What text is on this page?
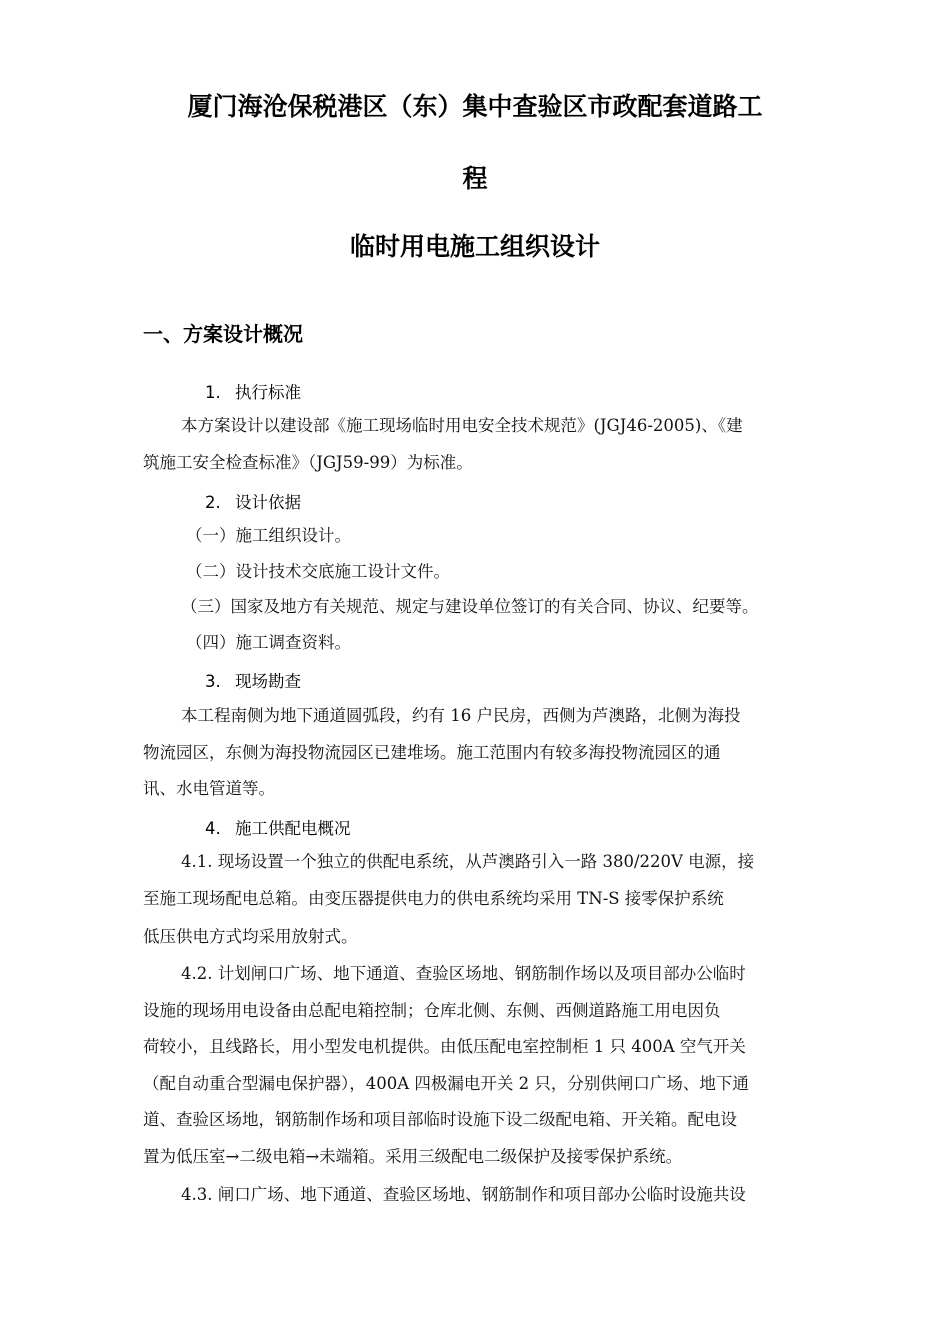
厦门海沧保税港区（东）集中查验区市政配套道路工
程
临时用电施工组织设计
一、方案设计概况
1. 执行标准
本方案设计以建设部《施工现场临时用电安全技术规范》(JGJ46-2005)、《建
筑施工安全检查标准》（JGJ59-99）为标准。
2. 设计依据
（一）施工组织设计。
（二）设计技术交底施工设计文件。
（三）国家及地方有关规范、规定与建设单位签订的有关合同、协议、纪要等。
（四）施工调查资料。
3. 现场勘查
本工程南侧为地下通道圆弧段，约有 16 户民房，西侧为芦澳路，北侧为海投
物流园区，东侧为海投物流园区已建堆场。施工范围内有较多海投物流园区的通
讯、水电管道等。
4. 施工供配电概况
4.1. 现场设置一个独立的供配电系统，从芦澳路引入一路 380/220V 电源，接
至施工现场配电总箱。由变压器提供电力的供电系统均采用 TN-S 接零保护系统
低压供电方式均采用放射式。
4.2. 计划闸口广场、地下通道、查验区场地、钢筋制作场以及项目部办公临时
设施的现场用电设备由总配电箱控制；仓库北侧、东侧、西侧道路施工用电因负
荷较小，且线路长，用小型发电机提供。由低压配电室控制柜 1 只 400A 空气开关
（配自动重合型漏电保护器），400A 四极漏电开关 2 只，分别供闸口广场、地下通
道、查验区场地，钢筋制作场和项目部临时设施下设二级配电箱、开关箱。配电设
置为低压室→二级电箱→未端箱。采用三级配电二级保护及接零保护系统。
4.3. 闸口广场、地下通道、查验区场地、钢筋制作和项目部办公临时设施共设
